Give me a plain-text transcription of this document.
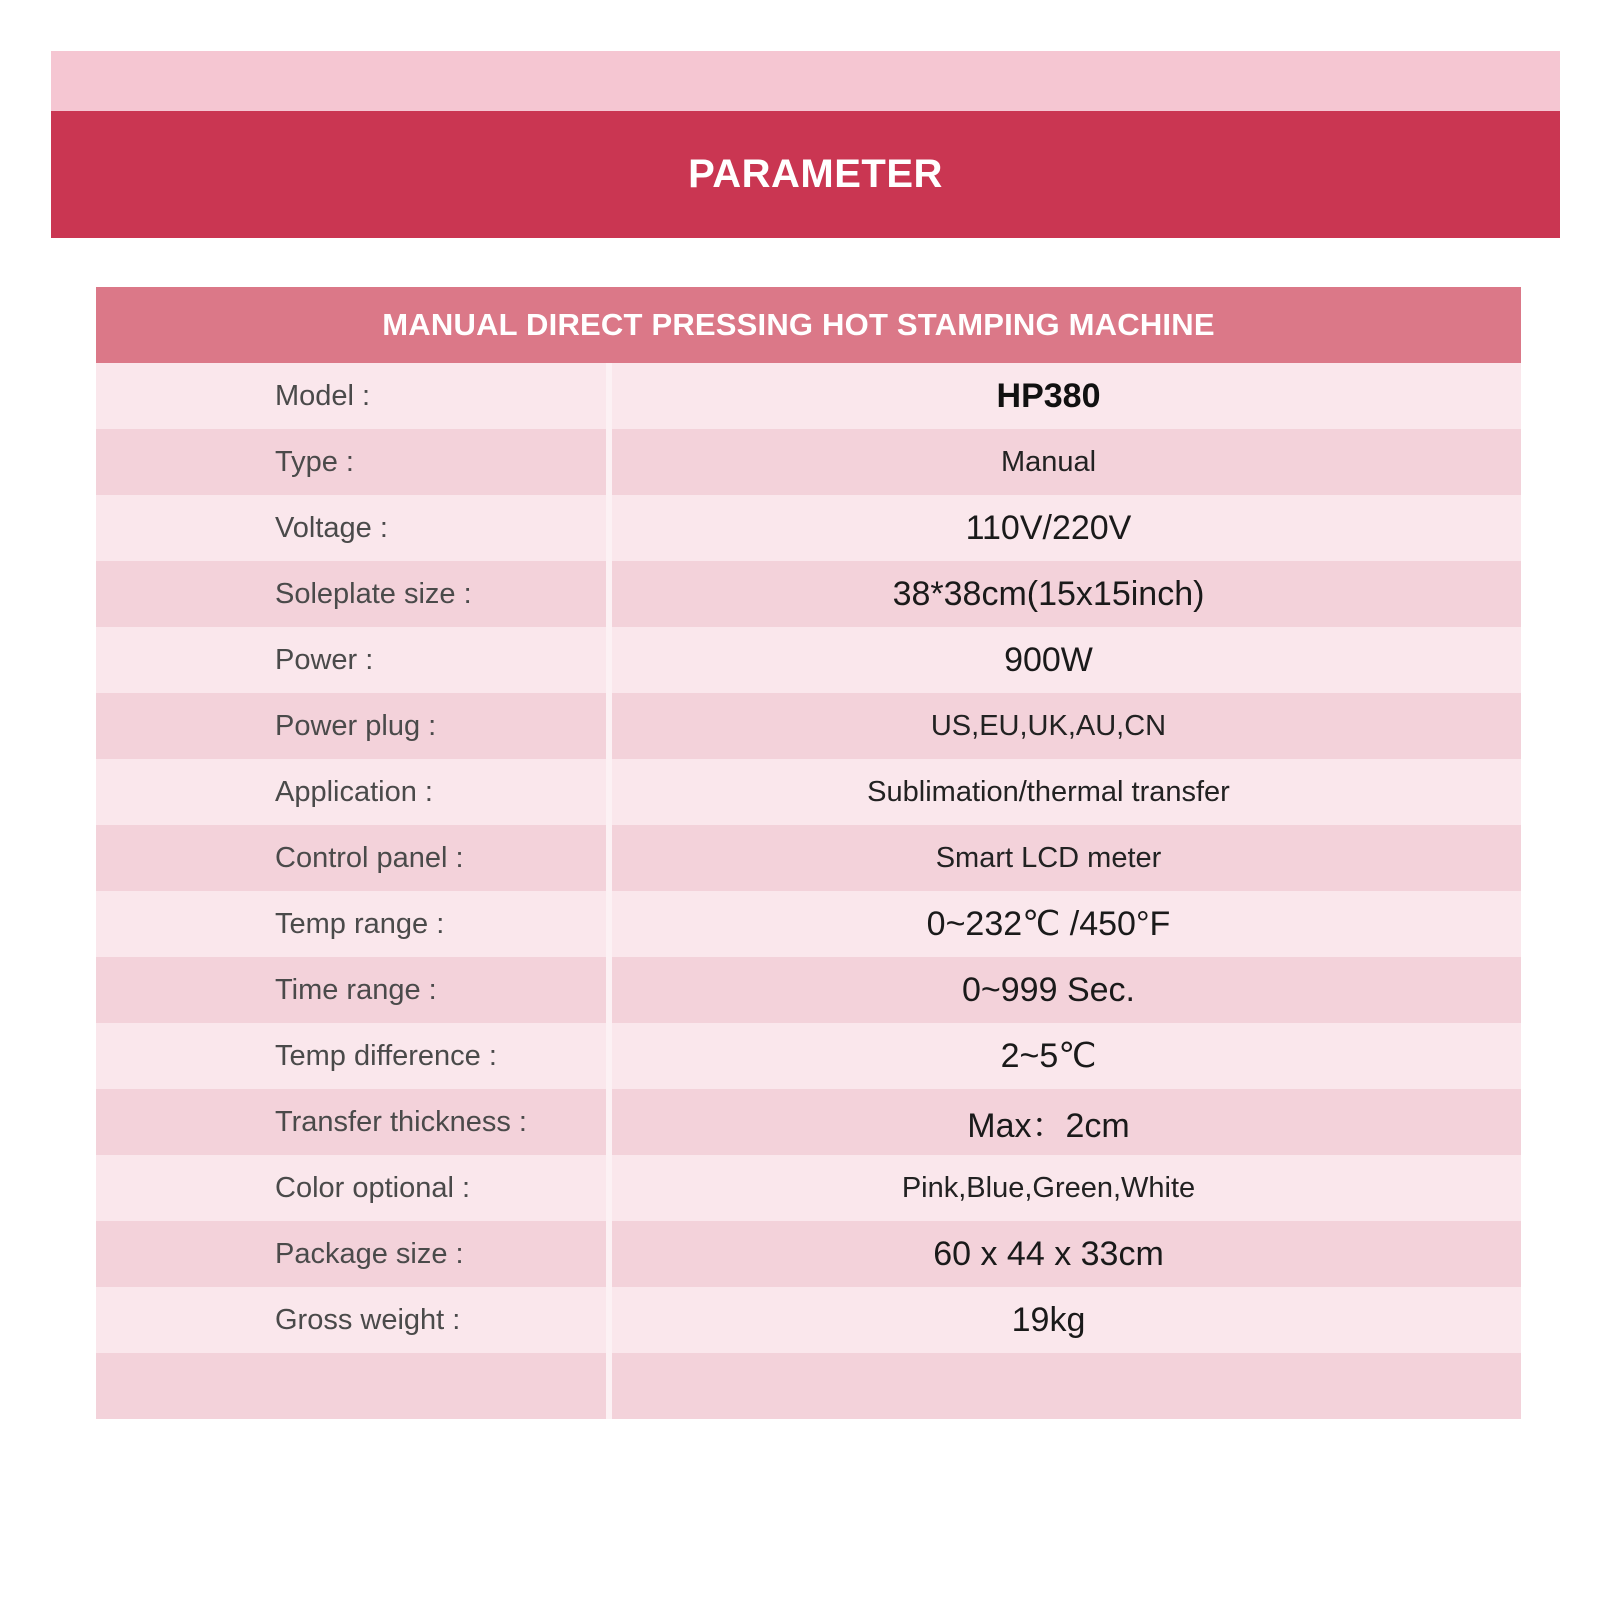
PARAMETER
MANUAL DIRECT PRESSING HOT STAMPING MACHINE
Model :	HP380
Type :	Manual
Voltage :	110V/220V
Soleplate size :	38*38cm(15x15inch)
Power :	900W
Power plug :	US,EU,UK,AU,CN
Application :	Sublimation/thermal transfer
Control panel :	Smart LCD meter
Temp range :	0~232℃ /450°F
Time range :	0~999 Sec.
Temp difference :	2~5℃
Transfer thickness :	Max：2cm
Color optional :	Pink,Blue,Green,White
Package size :	60 x 44 x 33cm
Gross weight :	19kg
